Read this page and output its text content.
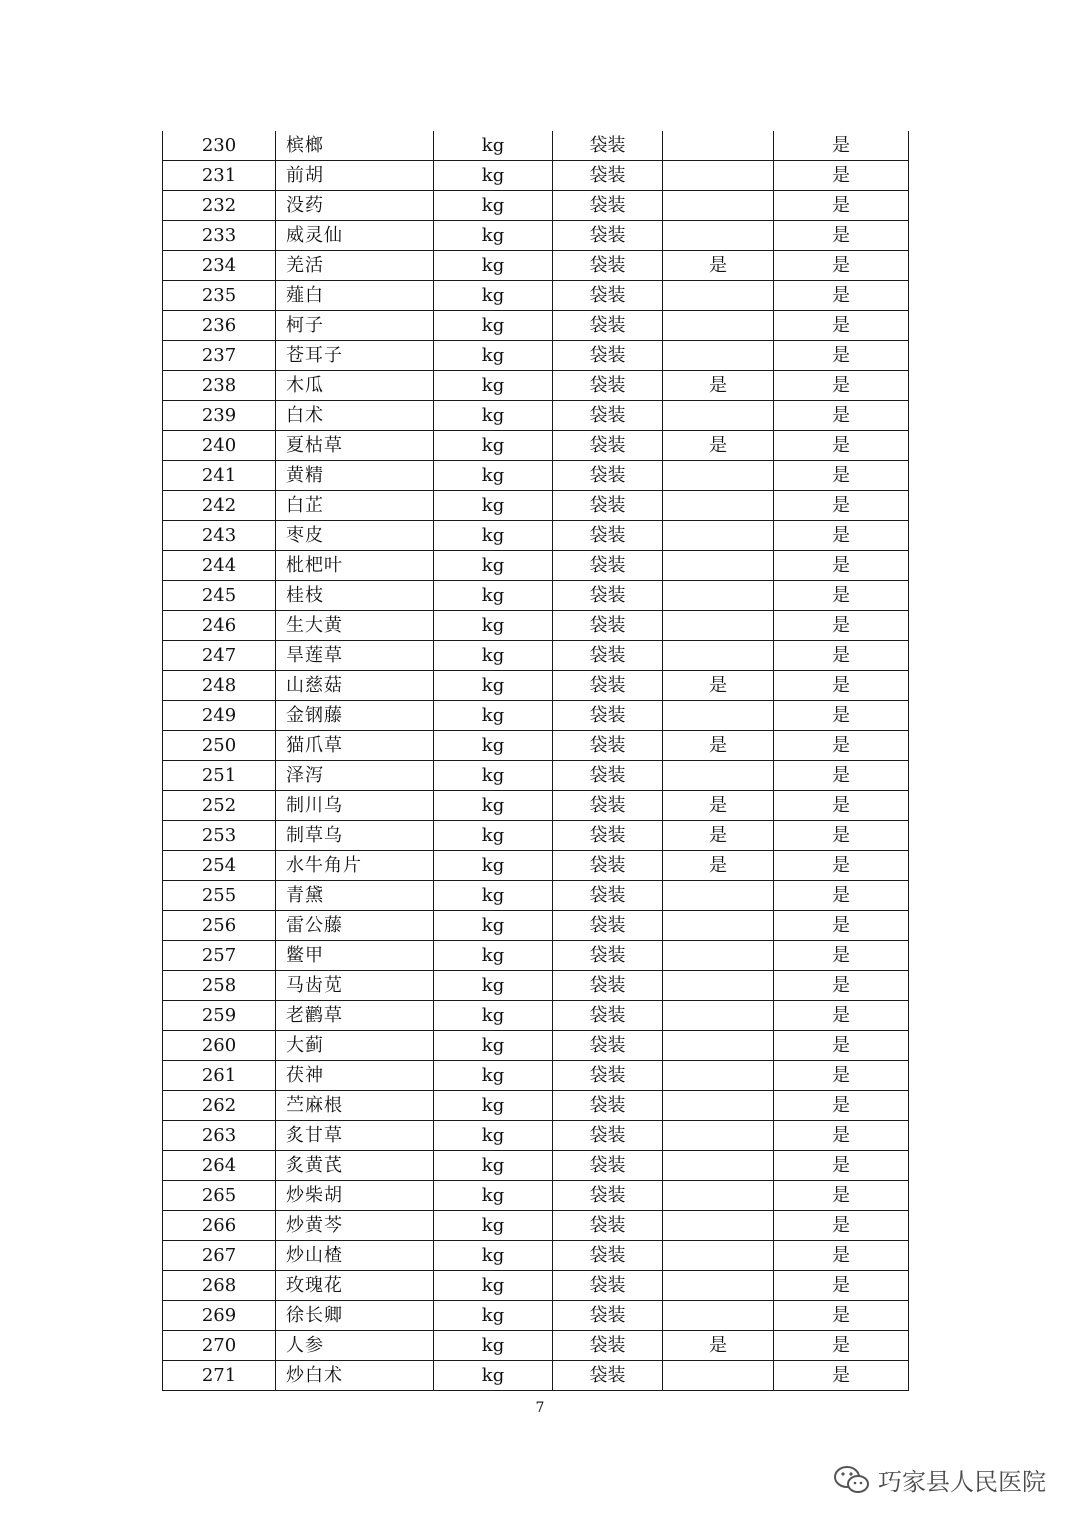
230	槟榔	kg	袋装		是
231	前胡	kg	袋装		是
232	没药	kg	袋装		是
233	威灵仙	kg	袋装		是
234	羌活	kg	袋装	是	是
235	薤白	kg	袋装		是
236	柯子	kg	袋装		是
237	苍耳子	kg	袋装		是
238	木瓜	kg	袋装	是	是
239	白术	kg	袋装		是
240	夏枯草	kg	袋装	是	是
241	黄精	kg	袋装		是
242	白芷	kg	袋装		是
243	枣皮	kg	袋装		是
244	枇杷叶	kg	袋装		是
245	桂枝	kg	袋装		是
246	生大黄	kg	袋装		是
247	旱莲草	kg	袋装		是
248	山慈菇	kg	袋装	是	是
249	金钢藤	kg	袋装		是
250	猫爪草	kg	袋装	是	是
251	泽泻	kg	袋装		是
252	制川乌	kg	袋装	是	是
253	制草乌	kg	袋装	是	是
254	水牛角片	kg	袋装	是	是
255	青黛	kg	袋装		是
256	雷公藤	kg	袋装		是
257	鳖甲	kg	袋装		是
258	马齿苋	kg	袋装		是
259	老鹳草	kg	袋装		是
260	大蓟	kg	袋装		是
261	茯神	kg	袋装		是
262	苎麻根	kg	袋装		是
263	炙甘草	kg	袋装		是
264	炙黄芪	kg	袋装		是
265	炒柴胡	kg	袋装		是
266	炒黄芩	kg	袋装		是
267	炒山楂	kg	袋装		是
268	玫瑰花	kg	袋装		是
269	徐长卿	kg	袋装		是
270	人参	kg	袋装	是	是
271	炒白术	kg	袋装		是
7
巧家县人民医院
